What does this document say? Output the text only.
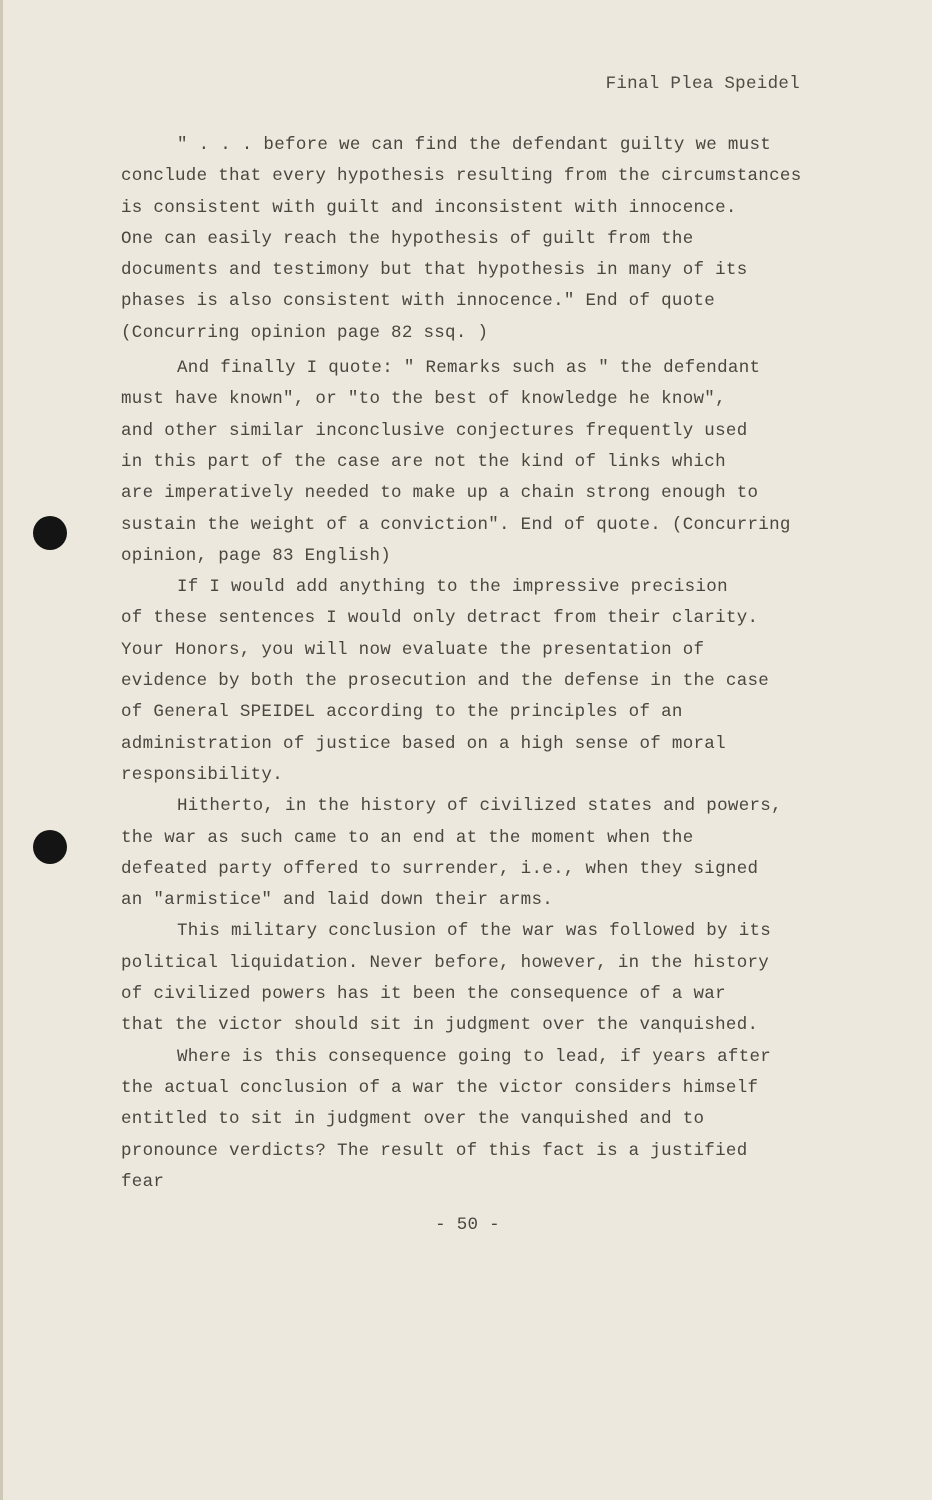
Final Plea Speidel
" . . . before we can find the defendant guilty we must
conclude that every hypothesis resulting from the circumstances
is consistent with guilt and inconsistent with innocence.
One can easily reach the hypothesis of guilt from the
documents and testimony but that hypothesis in many of its
phases is also consistent with innocence." End of quote
(Concurring opinion page 82 ssq. )
And finally I quote: " Remarks such as " the defendant
must have known", or "to the best of knowledge he know",
and other similar inconclusive conjectures frequently used
in this part of the case are not the kind of links which
are imperatively needed to make up a chain strong enough to
sustain the weight of a conviction". End of quote. (Concurring
opinion, page 83 English)
If I would add anything to the impressive precision
of these sentences I would only detract from their clarity.
Your Honors, you will now evaluate the presentation of
evidence by both the prosecution and the defense in the case
of General SPEIDEL according to the principles of an
administration of justice based on a high sense of moral
responsibility.
Hitherto, in the history of civilized states and powers,
the war as such came to an end at the moment when the
defeated party offered to surrender, i.e., when they signed
an "armistice" and laid down their arms.
This military conclusion of the war was followed by its
political liquidation. Never before, however, in the history
of civilized powers has it been the consequence of a war
that the victor should sit in judgment over the vanquished.
Where is this consequence going to lead, if years after
the actual conclusion of a war the victor considers himself
entitled to sit in judgment over the vanquished and to
pronounce verdicts? The result of this fact is a justified
fear
- 50 -
